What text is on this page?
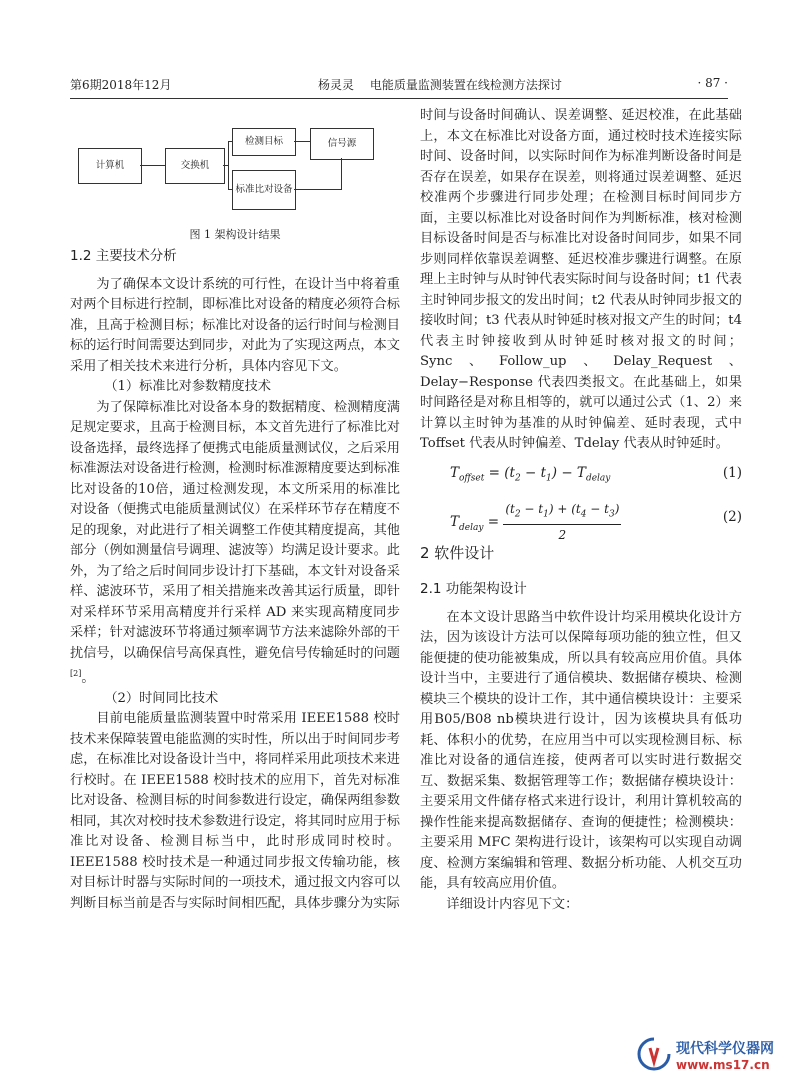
第6期2018年12月	杨灵灵　 电能质量监测装置在线检测方法探讨	· 87 ·
计算机	交换机
检测目标
标准比对设备
信号源
图 1 架构设计结果

1.2 主要技术分析

为了确保本文设计系统的可行性，在设计当中将着重对两个目标进行控制，即标准比对设备的精度必须符合标准，且高于检测目标；标准比对设备的运行时间与检测目标的运行时间需要达到同步，对此为了实现这两点，本文采用了相关技术来进行分析，具体内容见下文。

（1）标准比对参数精度技术

为了保障标准比对设备本身的数据精度、检测精度满足规定要求，且高于检测目标，本文首先进行了标准比对设备选择，最终选择了便携式电能质量测试仪，之后采用标准源法对设备进行检测，检测时标准源精度要达到标准比对设备的10倍，通过检测发现，本文所采用的标准比对设备（便携式电能质量测试仪）在采样环节存在精度不足的现象，对此进行了相关调整工作使其精度提高，其他部分（例如测量信号调理、滤波等）均满足设计要求。此外，为了给之后时间同步设计打下基础，本文针对设备采样、滤波环节，采用了相关措施来改善其运行质量，即针对采样环节采用高精度并行采样 AD 来实现高精度同步采样；针对滤波环节将通过频率调节方法来滤除外部的干扰信号，以确保信号高保真性，避免信号传输延时的问题[2]。

（2）时间同比技术

目前电能质量监测装置中时常采用 IEEE1588 校时技术来保障装置电能监测的实时性，所以出于时间同步考虑，在标准比对设备设计当中，将同样采用此项技术来进行校时。在 IEEE1588 校时技术的应用下，首先对标准比对设备、检测目标的时间参数进行设定，确保两组参数相同，其次对校时技术参数进行设定，将其同时应用于标准比对设备、检测目标当中，此时形成同时校时。IEEE1588 校时技术是一种通过同步报文传输功能，核对目标计时器与实际时间的一项技术，通过报文内容可以判断目标当前是否与实际时间相匹配，具体步骤分为实际

时间与设备时间确认、误差调整、延迟校准，在此基础上，本文在标准比对设备方面，通过校时技术连接实际时间、设备时间，以实际时间作为标准判断设备时间是否存在误差，如果存在误差，则将通过误差调整、延迟校准两个步骤进行同步处理；在检测目标时间同步方面，主要以标准比对设备时间作为判断标准，核对检测目标设备时间是否与标准比对设备时间同步，如果不同步则同样依靠误差调整、延迟校准步骤进行调整。在原理上主时钟与从时钟代表实际时间与设备时间；t1 代表主时钟同步报文的发出时间；t2 代表从时钟同步报文的接收时间；t3 代表从时钟延时核对报文产生的时间；t4 代表主时钟接收到从时钟延时核对报文的时间；Sync、Follow_up、Delay_Request、Delay−Response 代表四类报文。在此基础上，如果时间路径是对称且相等的，就可以通过公式（1、2）来计算以主时钟为基准的从时钟偏差、延时表现，式中 Toffset 代表从时钟偏差、Tdelay 代表从时钟延时。

$T_{offset} = (t_2 - t_1) - T_{delay}$	(1)
$T_{delay} = \frac{(t_2 - t_1) + (t_4 - t_3)}{2}$	(2)

2 软件设计

2.1 功能架构设计

在本文设计思路当中软件设计均采用模块化设计方法，因为该设计方法可以保障每项功能的独立性，但又能便捷的使功能被集成，所以具有较高应用价值。具体设计当中，主要进行了通信模块、数据储存模块、检测模块三个模块的设计工作，其中通信模块设计：主要采用B05/B08 nb模块进行设计，因为该模块具有低功耗、体积小的优势，在应用当中可以实现检测目标、标准比对设备的通信连接，使两者可以实时进行数据交互、数据采集、数据管理等工作；数据储存模块设计：主要采用文件储存格式来进行设计，利用计算机较高的操作性能来提高数据储存、查询的便捷性；检测模块：主要采用 MFC 架构进行设计，该架构可以实现自动调度、检测方案编辑和管理、数据分析功能、人机交互功能，具有较高应用价值。

详细设计内容见下文：

现代科学仪器网
www.ms17.cn
